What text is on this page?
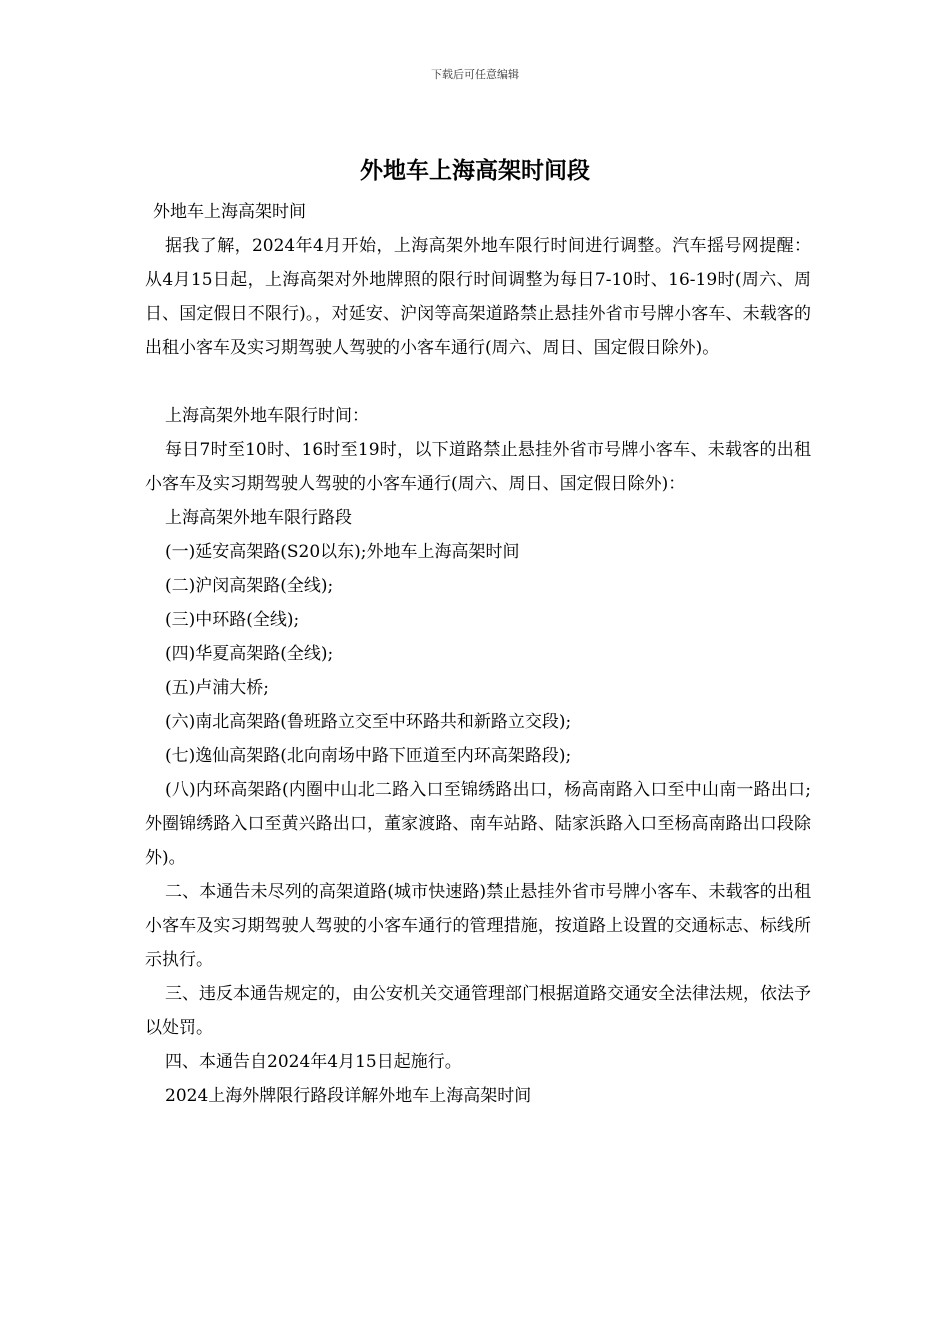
下载后可任意编辑
外地车上海高架时间段

外地车上海高架时间

据我了解，2024年4月开始，上海高架外地车限行时间进行调整。汽车摇号网提醒：从4月15日起，上海高架对外地牌照的限行时间调整为每日7-10时、16-19时(周六、周日、国定假日不限行)。，对延安、沪闵等高架道路禁止悬挂外省市号牌小客车、未载客的出租小客车及实习期驾驶人驾驶的小客车通行(周六、周日、国定假日除外)。

上海高架外地车限行时间：

每日7时至10时、16时至19时，以下道路禁止悬挂外省市号牌小客车、未载客的出租小客车及实习期驾驶人驾驶的小客车通行(周六、周日、国定假日除外)：

上海高架外地车限行路段

(一)延安高架路(S20以东);外地车上海高架时间

(二)沪闵高架路(全线);

(三)中环路(全线);

(四)华夏高架路(全线);

(五)卢浦大桥;

(六)南北高架路(鲁班路立交至中环路共和新路立交段);

(七)逸仙高架路(北向南场中路下匝道至内环高架路段);

(八)内环高架路(内圈中山北二路入口至锦绣路出口，杨高南路入口至中山南一路出口;外圈锦绣路入口至黄兴路出口，董家渡路、南车站路、陆家浜路入口至杨高南路出口段除外)。

二、本通告未尽列的高架道路(城市快速路)禁止悬挂外省市号牌小客车、未载客的出租小客车及实习期驾驶人驾驶的小客车通行的管理措施，按道路上设置的交通标志、标线所示执行。

三、违反本通告规定的，由公安机关交通管理部门根据道路交通安全法律法规，依法予以处罚。

四、本通告自2024年4月15日起施行。

2024上海外牌限行路段详解外地车上海高架时间
